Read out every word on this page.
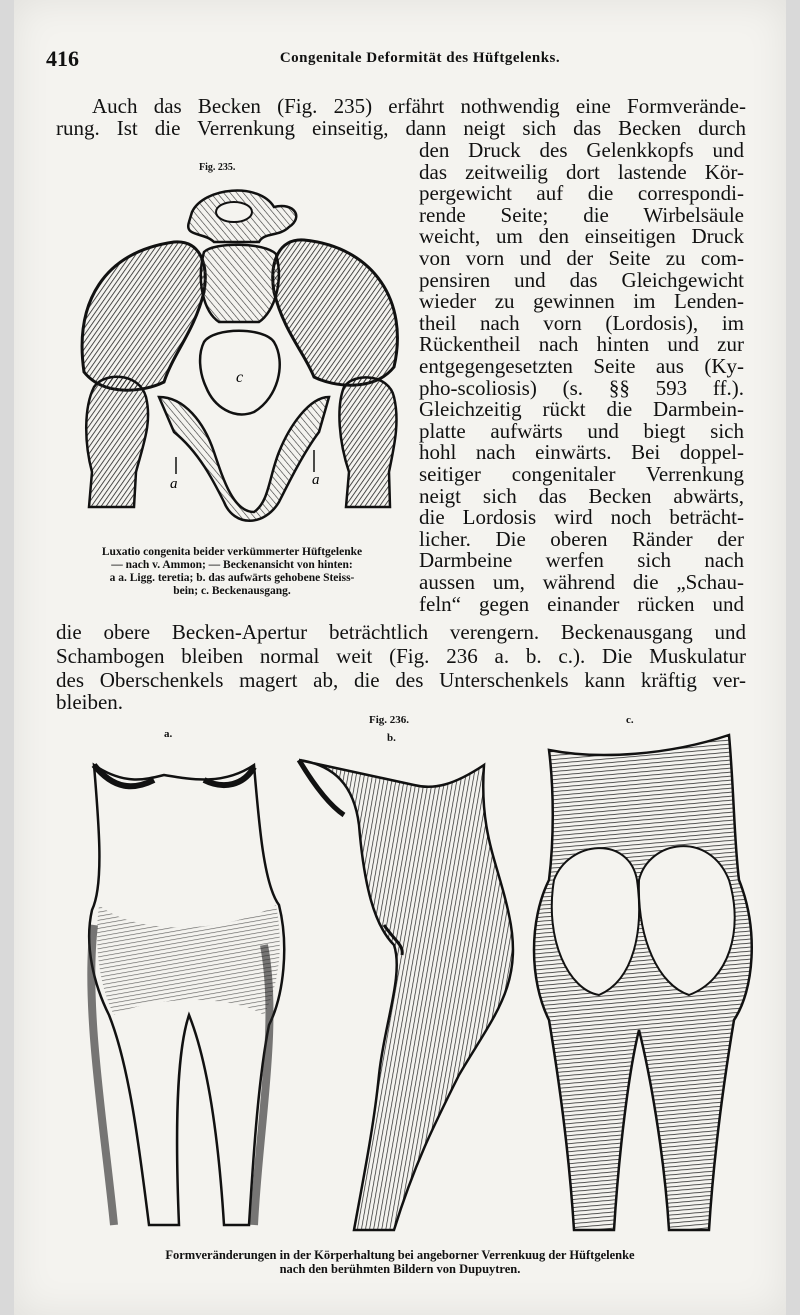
416	Congenitale Deformität des Hüftgelenks.
Auch das Becken (Fig. 235) erfährt nothwendig eine Formverände-
rung. Ist die Verrenkung einseitig, dann neigt sich das Becken durch
den Druck des Gelenkkopfs und
das zeitweilig dort lastende Kör-
pergewicht auf die correspondi-
rende Seite; die Wirbelsäule
weicht, um den einseitigen Druck
von vorn und der Seite zu com-
pensiren und das Gleichgewicht
wieder zu gewinnen im Lenden-
theil nach vorn (Lordosis), im
Rückentheil nach hinten und zur
entgegengesetzten Seite aus (Ky-
pho-scoliosis) (s. §§ 593 ff.).
Gleichzeitig rückt die Darmbein-
platte aufwärts und biegt sich
hohl nach einwärts. Bei doppel-
seitiger congenitaler Verrenkung
neigt sich das Becken abwärts,
die Lordosis wird noch beträcht-
licher. Die oberen Ränder der
Darmbeine werfen sich nach
aussen um, während die „Schau-
feln“ gegen einander rücken und
die obere Becken-Apertur beträchtlich verengern. Beckenausgang und
Schambogen bleiben normal weit (Fig. 236 a. b. c.). Die Muskulatur
des Oberschenkels magert ab, die des Unterschenkels kann kräftig ver-
bleiben.
Fig. 235.
c
a	a
Luxatio congenita beider verkümmerter Hüftgelenke
— nach v. Ammon; — Beckenansicht von hinten:
a a. Ligg. teretia; b. das aufwärts gehobene Steiss-
bein; c. Beckenausgang.
Fig. 236.
a.	b.
c.
Formveränderungen in der Körperhaltung bei angeborner Verrenkuug der Hüftgelenke
nach den berühmten Bildern von Dupuytren.
